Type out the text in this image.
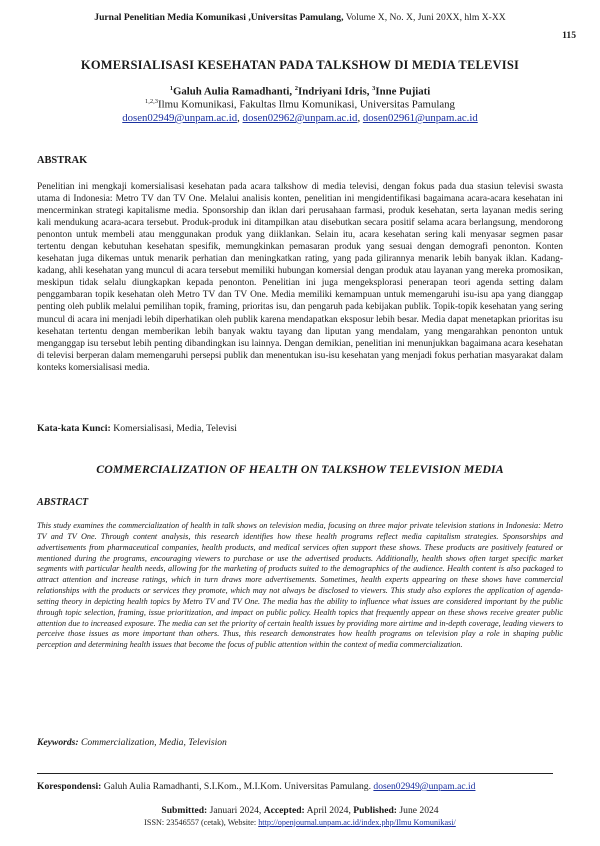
Jurnal Penelitian Media Komunikasi ,Universitas Pamulang, Volume X, No. X, Juni 20XX, hlm X-XX
115
KOMERSIALISASI KESEHATAN PADA TALKSHOW DI MEDIA TELEVISI
$^1$Galuh Aulia Ramadhanti, $^2$Indriyani Idris, $^3$Inne Pujiati
$^{1,2,3}$Ilmu Komunikasi, Fakultas Ilmu Komunikasi, Universitas Pamulang
dosen02949@unpam.ac.id, dosen02962@unpam.ac.id, dosen02961@unpam.ac.id
ABSTRAK

Penelitian ini mengkaji komersialisasi kesehatan pada acara talkshow di media televisi, dengan fokus pada dua stasiun televisi swasta utama di Indonesia: Metro TV dan TV One. Melalui analisis konten, penelitian ini mengidentifikasi bagaimana acara-acara kesehatan ini mencerminkan strategi kapitalisme media. Sponsorship dan iklan dari perusahaan farmasi, produk kesehatan, serta layanan medis sering kali mendukung acara-acara tersebut. Produk-produk ini ditampilkan atau disebutkan secara positif selama acara berlangsung, mendorong penonton untuk membeli atau menggunakan produk yang diiklankan. Selain itu, acara kesehatan sering kali menyasar segmen pasar tertentu dengan kebutuhan kesehatan spesifik, memungkinkan pemasaran produk yang sesuai dengan demografi penonton. Konten kesehatan juga dikemas untuk menarik perhatian dan meningkatkan rating, yang pada gilirannya menarik lebih banyak iklan. Kadang-kadang, ahli kesehatan yang muncul di acara tersebut memiliki hubungan komersial dengan produk atau layanan yang mereka promosikan, meskipun tidak selalu diungkapkan kepada penonton. Penelitian ini juga mengeksplorasi penerapan teori agenda setting dalam penggambaran topik kesehatan oleh Metro TV dan TV One. Media memiliki kemampuan untuk memengaruhi isu-isu apa yang dianggap penting oleh publik melalui pemilihan topik, framing, prioritas isu, dan pengaruh pada kebijakan publik. Topik-topik kesehatan yang sering muncul di acara ini menjadi lebih diperhatikan oleh publik karena mendapatkan eksposur lebih besar. Media dapat menetapkan prioritas isu kesehatan tertentu dengan memberikan lebih banyak waktu tayang dan liputan yang mendalam, yang mengarahkan penonton untuk menganggap isu tersebut lebih penting dibandingkan isu lainnya. Dengan demikian, penelitian ini menunjukkan bagaimana acara kesehatan di televisi berperan dalam memengaruhi persepsi publik dan menentukan isu-isu kesehatan yang menjadi fokus perhatian masyarakat dalam konteks komersialisasi media.

Kata-kata Kunci: Komersialisasi, Media, Televisi
COMMERCIALIZATION OF HEALTH ON TALKSHOW TELEVISION MEDIA
ABSTRACT

This study examines the commercialization of health in talk shows on television media, focusing on three major private television stations in Indonesia: Metro TV and TV One. Through content analysis, this research identifies how these health programs reflect media capitalism strategies. Sponsorships and advertisements from pharmaceutical companies, health products, and medical services often support these shows. These products are positively featured or mentioned during the programs, encouraging viewers to purchase or use the advertised products. Additionally, health shows often target specific market segments with particular health needs, allowing for the marketing of products suited to the demographics of the audience. Health content is also packaged to attract attention and increase ratings, which in turn draws more advertisements. Sometimes, health experts appearing on these shows have commercial relationships with the products or services they promote, which may not always be disclosed to viewers. This study also explores the application of agenda-setting theory in depicting health topics by Metro TV and TV One. The media has the ability to influence what issues are considered important by the public through topic selection, framing, issue prioritization, and impact on public policy. Health topics that frequently appear on these shows receive greater public attention due to increased exposure. The media can set the priority of certain health issues by providing more airtime and in-depth coverage, leading viewers to perceive those issues as more important than others. Thus, this research demonstrates how health programs on television play a role in shaping public perception and determining health issues that become the focus of public attention within the context of media commercialization.

Keywords: Commercialization, Media, Television
Korespondensi: Galuh Aulia Ramadhanti, S.I.Kom., M.I.Kom. Universitas Pamulang. dosen02949@unpam.ac.id
Submitted: Januari 2024, Accepted: April 2024, Published: June 2024
ISSN: 23546557 (cetak), Website: http://openjournal.unpam.ac.id/index.php/Ilmu Komunikasi/
